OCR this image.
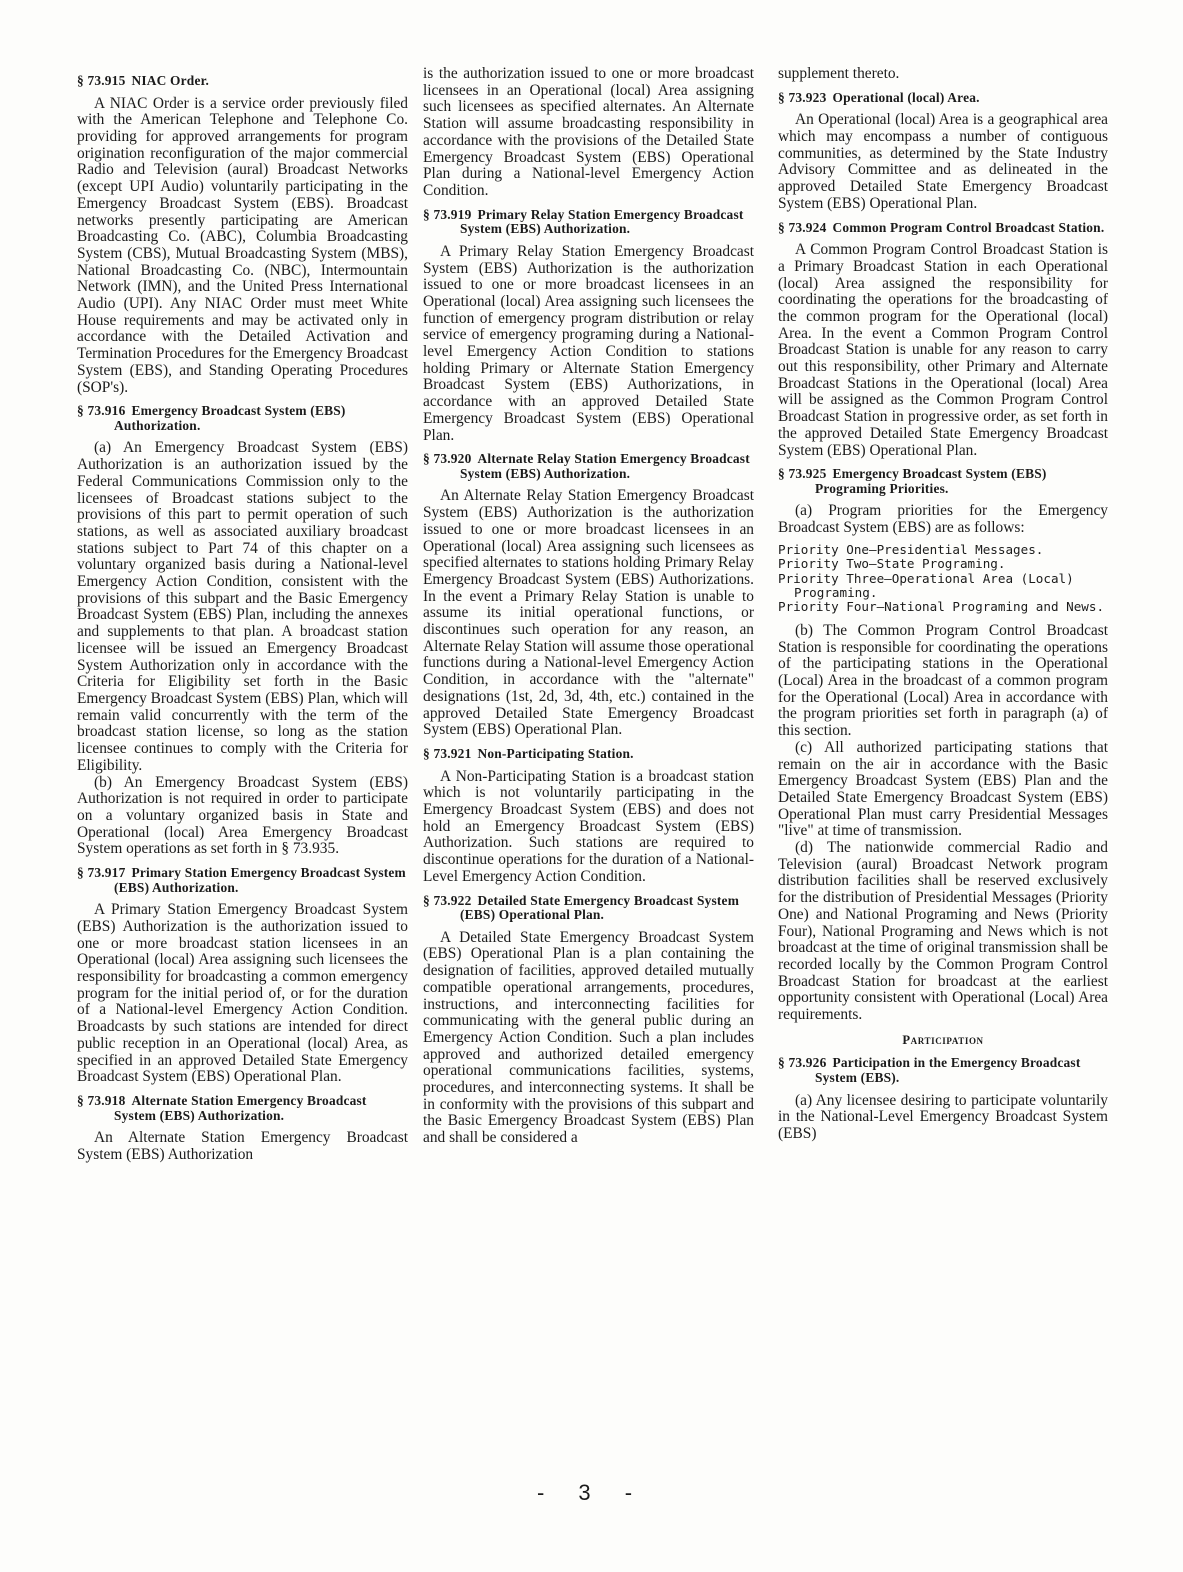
§ 73.915 NIAC Order.

A NIAC Order is a service order previously filed with the American Telephone and Telephone Co. providing for approved arrangements for program origination reconfiguration of the major commercial Radio and Television (aural) Broadcast Networks (except UPI Audio) voluntarily participating in the Emergency Broadcast System (EBS). Broadcast networks presently participating are American Broadcasting Co. (ABC), Columbia Broadcasting System (CBS), Mutual Broadcasting System (MBS), National Broadcasting Co. (NBC), Intermountain Network (IMN), and the United Press International Audio (UPI). Any NIAC Order must meet White House requirements and may be activated only in accordance with the Detailed Activation and Termination Procedures for the Emergency Broadcast System (EBS), and Standing Operating Procedures (SOP's).

§ 73.916 Emergency Broadcast System (EBS) Authorization.

(a) An Emergency Broadcast System (EBS) Authorization is an authorization issued by the Federal Communications Commission only to the licensees of Broadcast stations subject to the provisions of this part to permit operation of such stations, as well as associated auxiliary broadcast stations subject to Part 74 of this chapter on a voluntary organized basis during a National-level Emergency Action Condition, consistent with the provisions of this subpart and the Basic Emergency Broadcast System (EBS) Plan, including the annexes and supplements to that plan. A broadcast station licensee will be issued an Emergency Broadcast System Authorization only in accordance with the Criteria for Eligibility set forth in the Basic Emergency Broadcast System (EBS) Plan, which will remain valid concurrently with the term of the broadcast station license, so long as the station licensee continues to comply with the Criteria for Eligibility.

(b) An Emergency Broadcast System (EBS) Authorization is not required in order to participate on a voluntary organized basis in State and Operational (local) Area Emergency Broadcast System operations as set forth in § 73.935.

§ 73.917 Primary Station Emergency Broadcast System (EBS) Authorization.

A Primary Station Emergency Broadcast System (EBS) Authorization is the authorization issued to one or more broadcast station licensees in an Operational (local) Area assigning such licensees the responsibility for broadcasting a common emergency program for the initial period of, or for the duration of a National-level Emergency Action Condition. Broadcasts by such stations are intended for direct public reception in an Operational (local) Area, as specified in an approved Detailed State Emergency Broadcast System (EBS) Operational Plan.

§ 73.918 Alternate Station Emergency Broadcast System (EBS) Authorization.

An Alternate Station Emergency Broadcast System (EBS) Authorization

is the authorization issued to one or more broadcast licensees in an Operational (local) Area assigning such licensees as specified alternates. An Alternate Station will assume broadcasting responsibility in accordance with the provisions of the Detailed State Emergency Broadcast System (EBS) Operational Plan during a National-level Emergency Action Condition.

§ 73.919 Primary Relay Station Emergency Broadcast System (EBS) Authorization.

A Primary Relay Station Emergency Broadcast System (EBS) Authorization is the authorization issued to one or more broadcast licensees in an Operational (local) Area assigning such licensees the function of emergency program distribution or relay service of emergency programing during a National-level Emergency Action Condition to stations holding Primary or Alternate Station Emergency Broadcast System (EBS) Authorizations, in accordance with an approved Detailed State Emergency Broadcast System (EBS) Operational Plan.

§ 73.920 Alternate Relay Station Emergency Broadcast System (EBS) Authorization.

An Alternate Relay Station Emergency Broadcast System (EBS) Authorization is the authorization issued to one or more broadcast licensees in an Operational (local) Area assigning such licensees as specified alternates to stations holding Primary Relay Emergency Broadcast System (EBS) Authorizations. In the event a Primary Relay Station is unable to assume its initial operational functions, or discontinues such operation for any reason, an Alternate Relay Station will assume those operational functions during a National-level Emergency Action Condition, in accordance with the "alternate" designations (1st, 2d, 3d, 4th, etc.) contained in the approved Detailed State Emergency Broadcast System (EBS) Operational Plan.

§ 73.921 Non-Participating Station.

A Non-Participating Station is a broadcast station which is not voluntarily participating in the Emergency Broadcast System (EBS) and does not hold an Emergency Broadcast System (EBS) Authorization. Such stations are required to discontinue operations for the duration of a National-Level Emergency Action Condition.

§ 73.922 Detailed State Emergency Broadcast System (EBS) Operational Plan.

A Detailed State Emergency Broadcast System (EBS) Operational Plan is a plan containing the designation of facilities, approved detailed mutually compatible operational arrangements, procedures, instructions, and interconnecting facilities for communicating with the general public during an Emergency Action Condition. Such a plan includes approved and authorized detailed emergency operational communications facilities, systems, procedures, and interconnecting systems. It shall be in conformity with the provisions of this subpart and the Basic Emergency Broadcast System (EBS) Plan and shall be considered a

supplement thereto.

§ 73.923 Operational (local) Area.

An Operational (local) Area is a geographical area which may encompass a number of contiguous communities, as determined by the State Industry Advisory Committee and as delineated in the approved Detailed State Emergency Broadcast System (EBS) Operational Plan.

§ 73.924 Common Program Control Broadcast Station.

A Common Program Control Broadcast Station is a Primary Broadcast Station in each Operational (local) Area assigned the responsibility for coordinating the operations for the broadcasting of the common program for the Operational (local) Area. In the event a Common Program Control Broadcast Station is unable for any reason to carry out this responsibility, other Primary and Alternate Broadcast Stations in the Operational (local) Area will be assigned as the Common Program Control Broadcast Station in progressive order, as set forth in the approved Detailed State Emergency Broadcast System (EBS) Operational Plan.

§ 73.925 Emergency Broadcast System (EBS) Programing Priorities.

(a) Program priorities for the Emergency Broadcast System (EBS) are as follows:

Priority One—Presidential Messages.
Priority Two—State Programing.
Priority Three—Operational Area (Local) Programing.
Priority Four—National Programing and News.

(b) The Common Program Control Broadcast Station is responsible for coordinating the operations of the participating stations in the Operational (Local) Area in the broadcast of a common program for the Operational (Local) Area in accordance with the program priorities set forth in paragraph (a) of this section.

(c) All authorized participating stations that remain on the air in accordance with the Basic Emergency Broadcast System (EBS) Plan and the Detailed State Emergency Broadcast System (EBS) Operational Plan must carry Presidential Messages "live" at time of transmission.

(d) The nationwide commercial Radio and Television (aural) Broadcast Network program distribution facilities shall be reserved exclusively for the distribution of Presidential Messages (Priority One) and National Programing and News (Priority Four), National Programing and News which is not broadcast at the time of original transmission shall be recorded locally by the Common Program Control Broadcast Station for broadcast at the earliest opportunity consistent with Operational (Local) Area requirements.

Participation
§ 73.926 Participation in the Emergency Broadcast System (EBS).

(a) Any licensee desiring to participate voluntarily in the National-Level Emergency Broadcast System (EBS)

- 3 -
